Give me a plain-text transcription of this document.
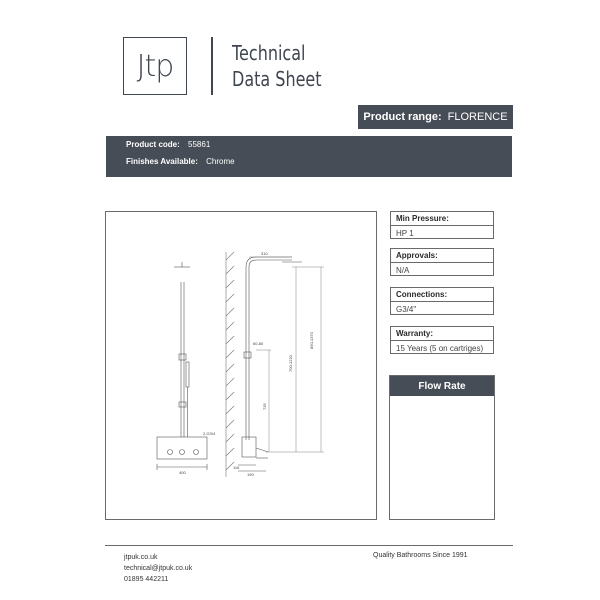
Jtp	Technical
Data Sheet
Product range: FLORENCE
Product code: 55861
Finishes Available: Chrome
310
60-80	850-1370
700-1220
735
2-G3/4
400
116
190
Min Pressure:
HP 1
Approvals:
N/A
Connections:
G3/4"
Warranty:
15 Years (5 on cartriges)
Flow Rate
jtpuk.co.uk
technical@jtpuk.co.uk
01895 442211
Quality Bathrooms Since 1991
